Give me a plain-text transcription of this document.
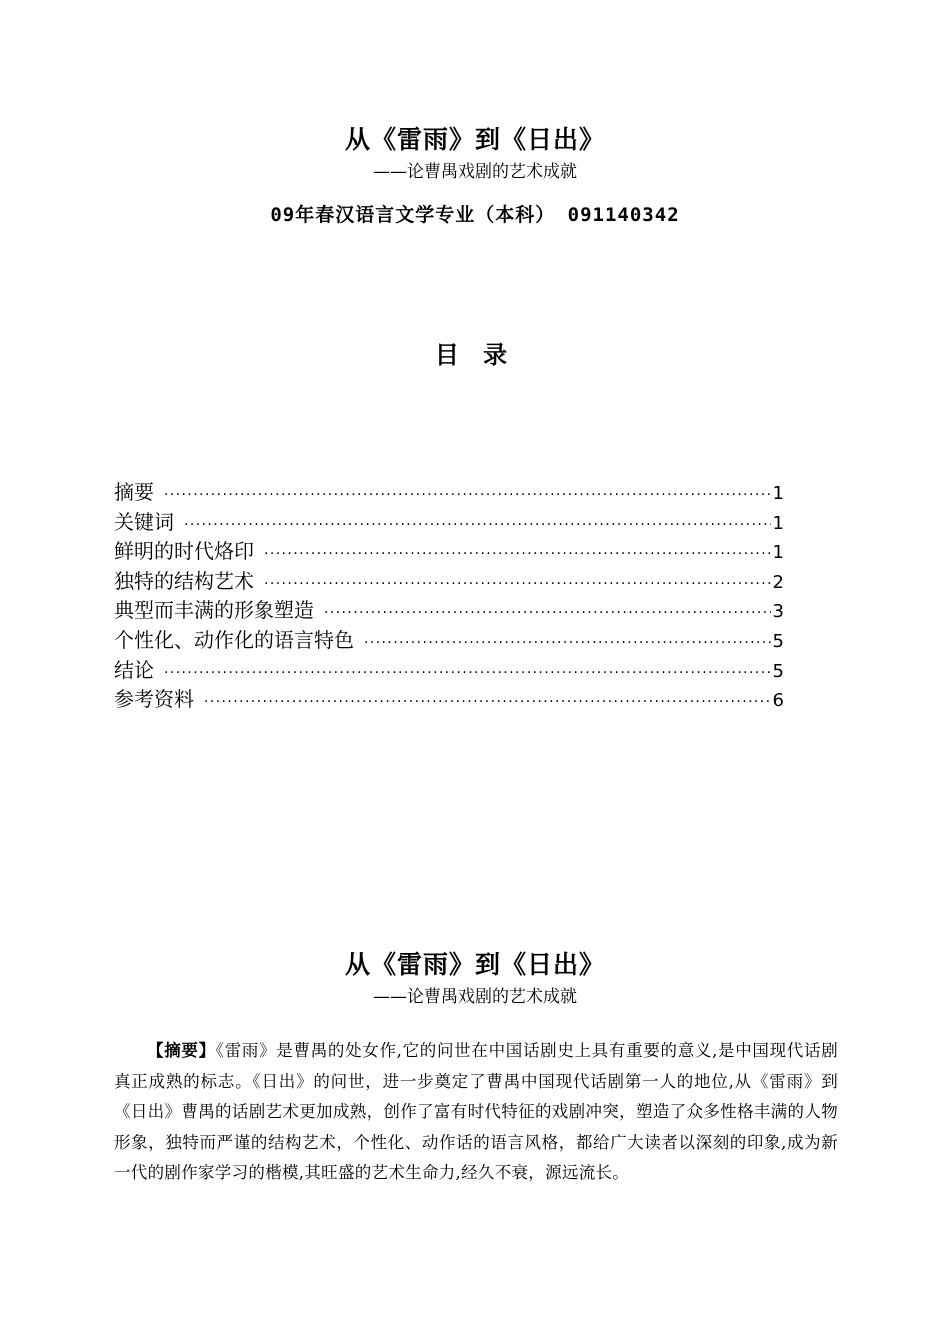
从《雷雨》到《日出》
——论曹禺戏剧的艺术成就
09年春汉语言文学专业（本科） 091140342
目 录
摘要 ·····	1
关键词 ·····	1
鲜明的时代烙印 ·····	1
独特的结构艺术 ·····	2
典型而丰满的形象塑造 ·····	3
个性化、动作化的语言特色 ·····	5
结论 ·····	5
参考资料 ·····	6
从《雷雨》到《日出》
——论曹禺戏剧的艺术成就
【摘要】《雷雨》是曹禺的处女作,它的问世在中国话剧史上具有重要的意义,是中国现代话剧真正成熟的标志。《日出》的问世，进一步奠定了曹禺中国现代话剧第一人的地位,从《雷雨》到《日出》曹禺的话剧艺术更加成熟，创作了富有时代特征的戏剧冲突，塑造了众多性格丰满的人物形象，独特而严谨的结构艺术，个性化、动作话的语言风格，都给广大读者以深刻的印象,成为新一代的剧作家学习的楷模,其旺盛的艺术生命力,经久不衰，源远流长。
